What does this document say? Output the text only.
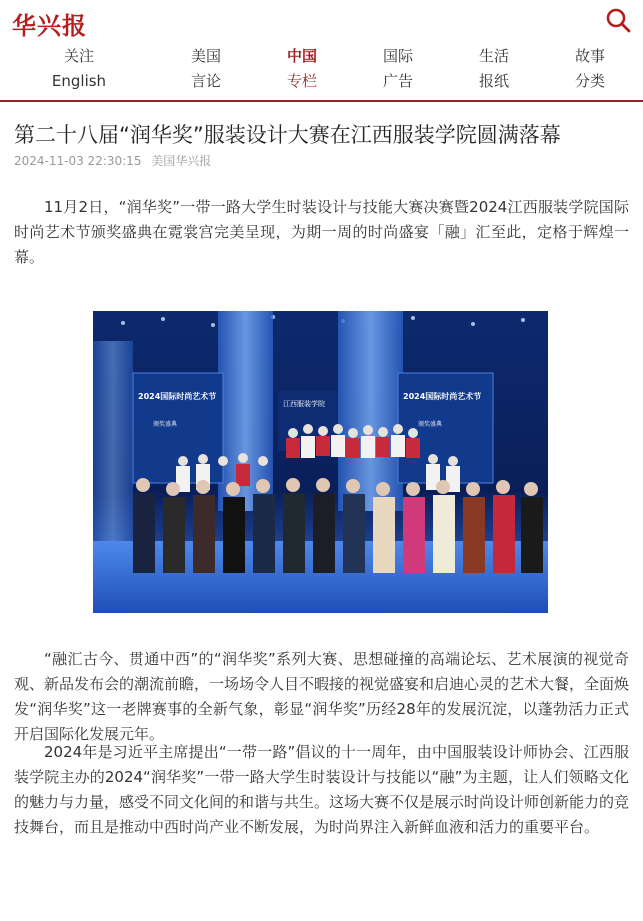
华兴报
关注
English
美国
言论
中国
专栏
国际
广告
生活
报纸
故事
分类
第二十八届“润华奖”服装设计大赛在江西服装学院圆满落幕
2024-11-03 22:30:15 美国华兴报

11月2日，“润华奖”一带一路大学生时装设计与技能大赛决赛暨2024江西服装学院国际时尚艺术节颁奖盛典在霓裳宫完美呈现，为期一周的时尚盛宴「融」汇至此，定格于辉煌一幕。

2024国际时尚艺术节
颁奖盛典
2024国际时尚艺术节
颁奖盛典
江西服装学院

“融汇古今、贯通中西”的“润华奖”系列大赛、思想碰撞的高端论坛、艺术展演的视觉奇观、新品发布会的潮流前瞻，一场场令人目不暇接的视觉盛宴和启迪心灵的艺术大餐，全面焕发“润华奖”这一老牌赛事的全新气象，彰显“润华奖”历经28年的发展沉淀，以蓬勃活力正式开启国际化发展元年。

2024年是习近平主席提出“一带一路”倡议的十一周年，由中国服装设计师协会、江西服装学院主办的2024“润华奖”一带一路大学生时装设计与技能以“融”为主题，让人们领略文化的魅力与力量，感受不同文化间的和谐与共生。这场大赛不仅是展示时尚设计师创新能力的竞技舞台，而且是推动中西时尚产业不断发展，为时尚界注入新鲜血液和活力的重要平台。
